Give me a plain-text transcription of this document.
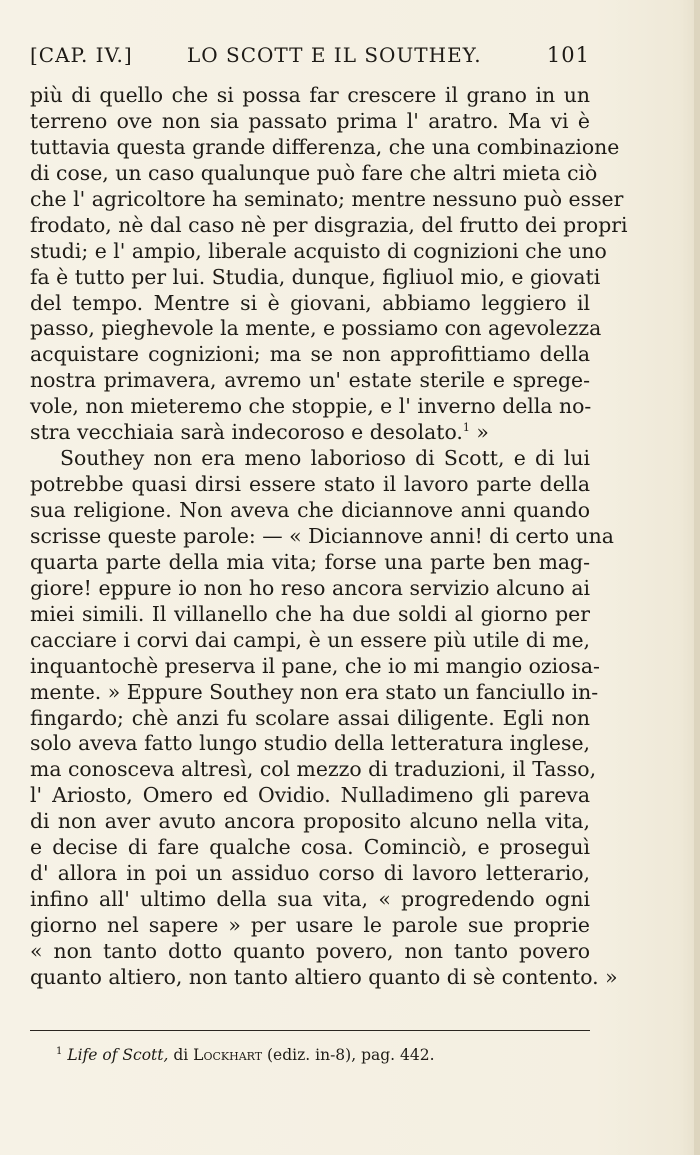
[CAP. IV.]	LO SCOTT E IL SOUTHEY.	101
più di quello che si possa far crescere il grano in un
terreno ove non sia passato prima l' aratro. Ma vi è
tuttavia questa grande differenza, che una combinazione
di cose, un caso qualunque può fare che altri mieta ciò
che l' agricoltore ha seminato; mentre nessuno può esser
frodato, nè dal caso nè per disgrazia, del frutto dei propri
studi; e l' ampio, liberale acquisto di cognizioni che uno
fa è tutto per lui. Studia, dunque, figliuol mio, e giovati
del tempo. Mentre si è giovani, abbiamo leggiero il
passo, pieghevole la mente, e possiamo con agevolezza
acquistare cognizioni; ma se non approfittiamo della
nostra primavera, avremo un' estate sterile e sprege-
vole, non mieteremo che stoppie, e l' inverno della no-
stra vecchiaia sarà indecoroso e desolato.$^1$ »
Southey non era meno laborioso di Scott, e di lui
potrebbe quasi dirsi essere stato il lavoro parte della
sua religione. Non aveva che diciannove anni quando
scrisse queste parole: — « Diciannove anni! di certo una
quarta parte della mia vita; forse una parte ben mag-
giore! eppure io non ho reso ancora servizio alcuno ai
miei simili. Il villanello che ha due soldi al giorno per
cacciare i corvi dai campi, è un essere più utile di me,
inquantochè preserva il pane, che io mi mangio oziosa-
mente. » Eppure Southey non era stato un fanciullo in-
fingardo; chè anzi fu scolare assai diligente. Egli non
solo aveva fatto lungo studio della letteratura inglese,
ma conosceva altresì, col mezzo di traduzioni, il Tasso,
l' Ariosto, Omero ed Ovidio. Nulladimeno gli pareva
di non aver avuto ancora proposito alcuno nella vita,
e decise di fare qualche cosa. Cominciò, e proseguì
d' allora in poi un assiduo corso di lavoro letterario,
infino all' ultimo della sua vita, « progredendo ogni
giorno nel sapere » per usare le parole sue proprie
« non tanto dotto quanto povero, non tanto povero
quanto altiero, non tanto altiero quanto di sè contento. »
$^1$ Life of Scott, di Lockhart (ediz. in-8), pag. 442.
